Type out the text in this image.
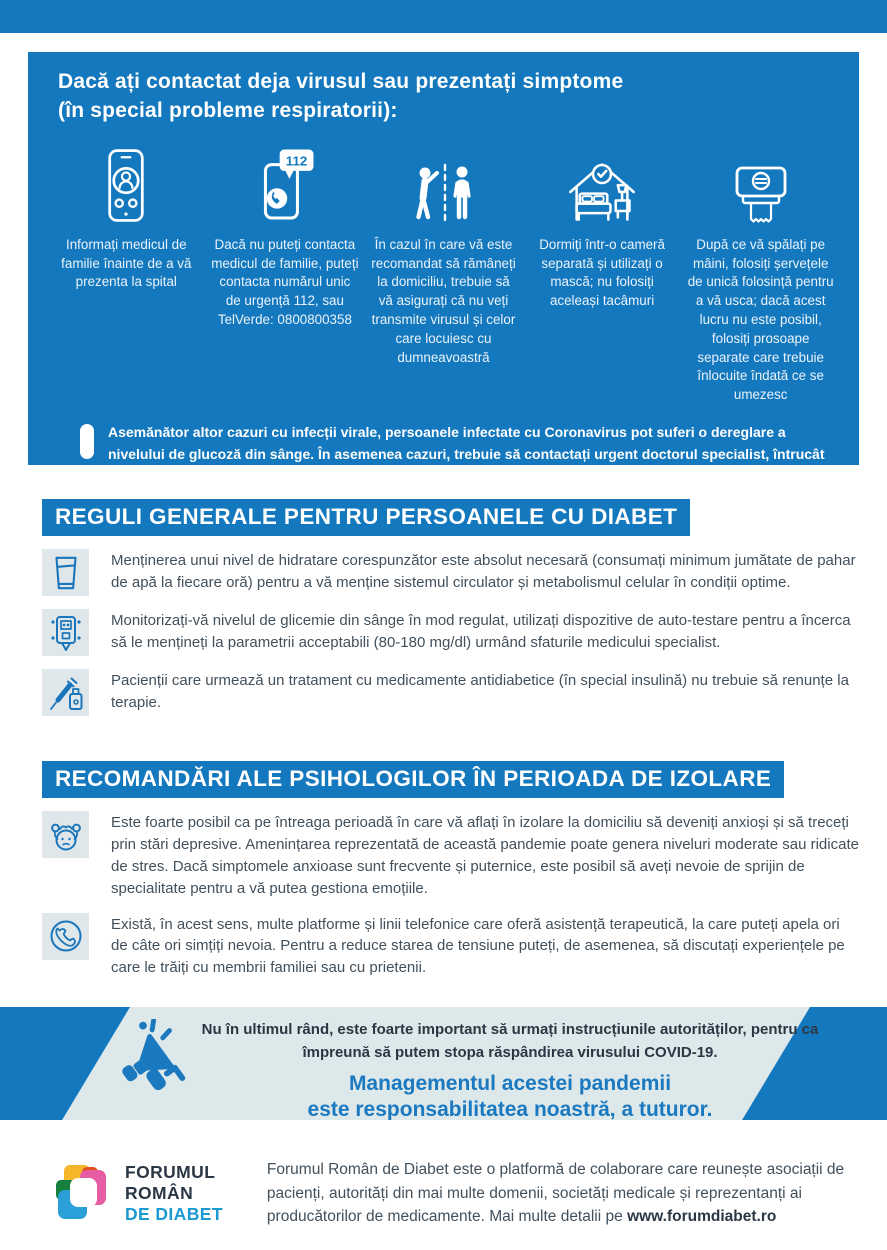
Dacă ați contactat deja virusul sau prezentați simptome
(în special probleme respiratorii):

Informați medicul de familie înainte de a vă prezenta la spital

112

Dacă nu puteți contacta medicul de familie, puteți contacta numărul unic de urgență 112, sau TelVerde: 0800800358

În cazul în care vă este recomandat să rămâneți la domiciliu, trebuie să vă asigurați că nu veți transmite virusul și celor care locuiesc cu dumneavoastră

Dormiți într-o cameră separată și utilizați o mască; nu folosiți aceleași tacâmuri

După ce vă spălați pe mâini, folosiți șervețele de unică folosință pentru a vă usca; dacă acest lucru nu este posibil, folosiți prosoape separate care trebuie înlocuite îndată ce se umezesc

Asemănător altor cazuri cu infecții virale, persoanele infectate cu Coronavirus pot suferi o dereglare a nivelului de glucoză din sânge. În asemenea cazuri, trebuie să contactați urgent doctorul specialist, întrucât nevoile de insulină ale organismului cresc, iar medicația și alimentația trebuie ajustate corespunzător.

REGULI GENERALE PENTRU PERSOANELE CU DIABET

Menținerea unui nivel de hidratare corespunzător este absolut necesară (consumați minimum jumătate de pahar de apă la fiecare oră) pentru a vă menține sistemul circulator și metabolismul celular în condiții optime.

Monitorizați-vă nivelul de glicemie din sânge în mod regulat, utilizați dispozitive de auto-testare pentru a încerca să le mențineți la parametrii acceptabili (80-180 mg/dl) urmând sfaturile medicului specialist.

Pacienții care urmează un tratament cu medicamente antidiabetice (în special insulină) nu trebuie să renunțe la terapie.

RECOMANDĂRI ALE PSIHOLOGILOR ÎN PERIOADA DE IZOLARE

Este foarte posibil ca pe întreaga perioadă în care vă aflați în izolare la domiciliu să deveniți anxioși și să treceți prin stări depresive. Amenințarea reprezentată de această pandemie poate genera niveluri moderate sau ridicate de stres. Dacă simptomele anxioase sunt frecvente și puternice, este posibil să aveți nevoie de sprijin de specialitate pentru a vă putea gestiona emoțiile.

Există, în acest sens, multe platforme și linii telefonice care oferă asistență terapeutică, la care puteți apela ori de câte ori simțiți nevoia. Pentru a reduce starea de tensiune puteți, de asemenea, să discutați experiențele pe care le trăiți cu membrii familiei sau cu prietenii.

Nu în ultimul rând, este foarte important să urmați instrucțiunile autorităților, pentru ca împreună să putem stopa răspândirea virusului COVID-19.

Managementul acestei pandemii
este responsabilitatea noastră, a tuturor.

FORUMUL
ROMÂN
DE DIABET

Forumul Român de Diabet este o platformă de colaborare care reunește asociații de pacienți, autorități din mai multe domenii, societăți medicale și reprezentanți ai producătorilor de medicamente. Mai multe detalii pe www.forumdiabet.ro
